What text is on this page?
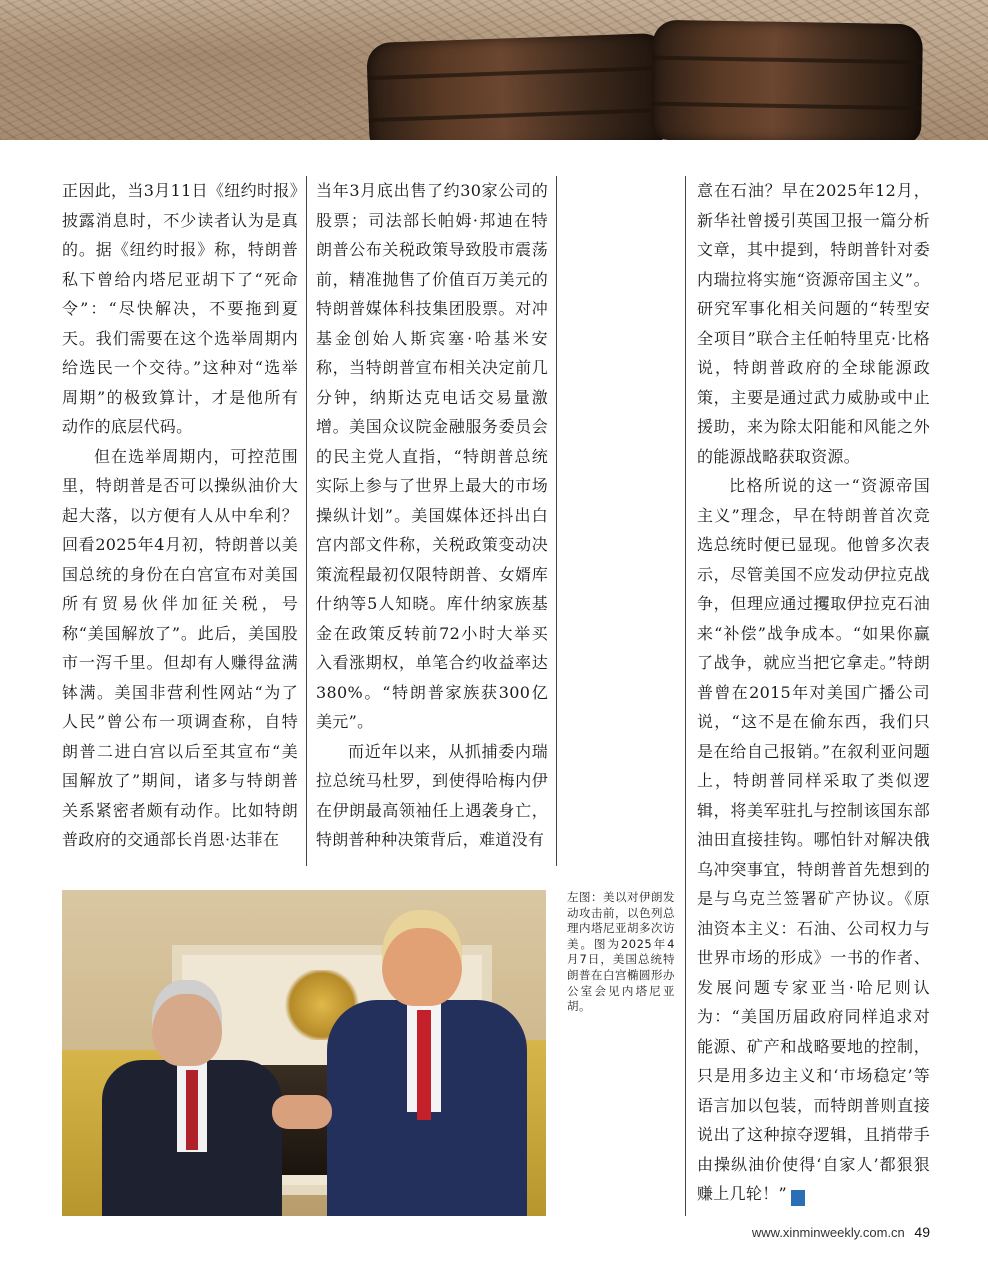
正因此，当3月11日《纽约时报》披露消息时，不少读者认为是真的。据《纽约时报》称，特朗普私下曾给内塔尼亚胡下了“死命令”：“尽快解决，不要拖到夏天。我们需要在这个选举周期内给选民一个交待。”这种对“选举周期”的极致算计，才是他所有动作的底层代码。

但在选举周期内，可控范围里，特朗普是否可以操纵油价大起大落，以方便有人从中牟利？回看2025年4月初，特朗普以美国总统的身份在白宫宣布对美国所有贸易伙伴加征关税，号称“美国解放了”。此后，美国股市一泻千里。但却有人赚得盆满钵满。美国非营利性网站“为了人民”曾公布一项调查称，自特朗普二进白宫以后至其宣布“美国解放了”期间，诸多与特朗普关系紧密者颇有动作。比如特朗普政府的交通部长肖恩·达菲在

当年3月底出售了约30家公司的股票；司法部长帕姆·邦迪在特朗普公布关税政策导致股市震荡前，精准抛售了价值百万美元的特朗普媒体科技集团股票。对冲基金创始人斯宾塞·哈基米安称，当特朗普宣布相关决定前几分钟，纳斯达克电话交易量激增。美国众议院金融服务委员会的民主党人直指，“特朗普总统实际上参与了世界上最大的市场操纵计划”。美国媒体还抖出白宫内部文件称，关税政策变动决策流程最初仅限特朗普、女婿库什纳等5人知晓。库什纳家族基金在政策反转前72小时大举买入看涨期权，单笔合约收益率达380%。“特朗普家族获300亿美元”。

而近年以来，从抓捕委内瑞拉总统马杜罗，到使得哈梅内伊在伊朗最高领袖任上遇袭身亡，特朗普种种决策背后，难道没有

意在石油？早在2025年12月，新华社曾援引英国卫报一篇分析文章，其中提到，特朗普针对委内瑞拉将实施“资源帝国主义”。研究军事化相关问题的“转型安全项目”联合主任帕特里克·比格说，特朗普政府的全球能源政策，主要是通过武力威胁或中止援助，来为除太阳能和风能之外的能源战略获取资源。

比格所说的这一“资源帝国主义”理念，早在特朗普首次竞选总统时便已显现。他曾多次表示，尽管美国不应发动伊拉克战争，但理应通过攫取伊拉克石油来“补偿”战争成本。“如果你赢了战争，就应当把它拿走。”特朗普曾在2015年对美国广播公司说，“这不是在偷东西，我们只是在给自己报销。”在叙利亚问题上，特朗普同样采取了类似逻辑，将美军驻扎与控制该国东部油田直接挂钩。哪怕针对解决俄乌冲突事宜，特朗普首先想到的是与乌克兰签署矿产协议。《原油资本主义：石油、公司权力与世界市场的形成》一书的作者、发展问题专家亚当·哈尼则认为：“美国历届政府同样追求对能源、矿产和战略要地的控制，只是用多边主义和‘市场稳定’等语言加以包装，而特朗普则直接说出了这种掠夺逻辑，且捎带手由操纵油价使得‘自家人’都狠狠赚上几轮！”	民

左图：美以对伊朗发动攻击前，以色列总理内塔尼亚胡多次访美。图为2025年4月7日，美国总统特朗普在白宫椭圆形办公室会见内塔尼亚胡。
www.xinminweekly.com.cn 49
